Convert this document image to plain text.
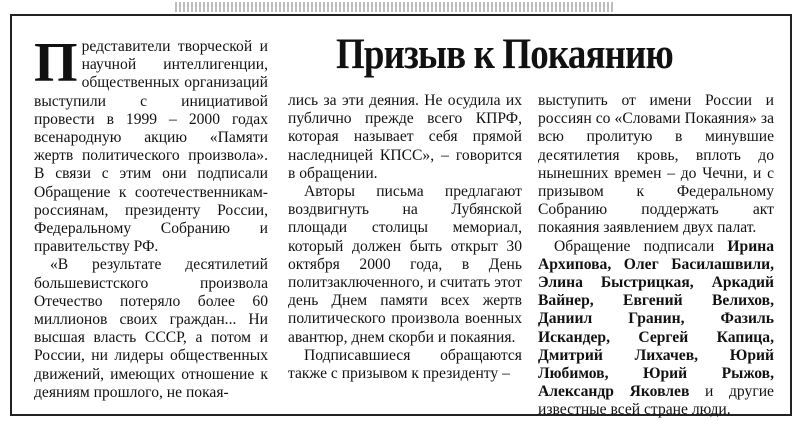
Призыв к Покаянию

Представители творческой и научной интеллигенции, общественных организаций выступили с инициативой провести в 1999 – 2000 годах всенародную акцию «Памяти жертв политического произвола». В связи с этим они подписали Обращение к соотечественникам-россиянам, президенту России, Федеральному Собранию и правительству РФ.

«В результате десятилетий большевистского произвола Отечество потеряло более 60 миллионов своих граждан... Ни высшая власть СССР, а потом и России, ни лидеры общественных движений, имеющих отношение к деяниям прошлого, не покая-

лись за эти деяния. Не осудила их публично прежде всего КПРФ, которая называет себя прямой наследницей КПСС», – говорится в обращении.

Авторы письма предлагают воздвигнуть на Лубянской площади столицы мемориал, который должен быть открыт 30 октября 2000 года, в День политзаключенного, и считать этот день Днем памяти всех жертв политического произвола военных авантюр, днем скорби и покаяния.

Подписавшиеся обращаются также с призывом к президенту –

выступить от имени России и россиян со «Словами Покаяния» за всю пролитую в минувшие десятилетия кровь, вплоть до нынешних времен – до Чечни, и с призывом к Федеральному Собранию поддержать акт покаяния заявлением двух палат.

Обращение подписали Ирина Архипова, Олег Басилашвили, Элина Быстрицкая, Аркадий Вайнер, Евгений Велихов, Даниил Гранин, Фазиль Искандер, Сергей Капица, Дмитрий Лихачев, Юрий Любимов, Юрий Рыжов, Александр Яковлев и другие известные всей стране люди.
